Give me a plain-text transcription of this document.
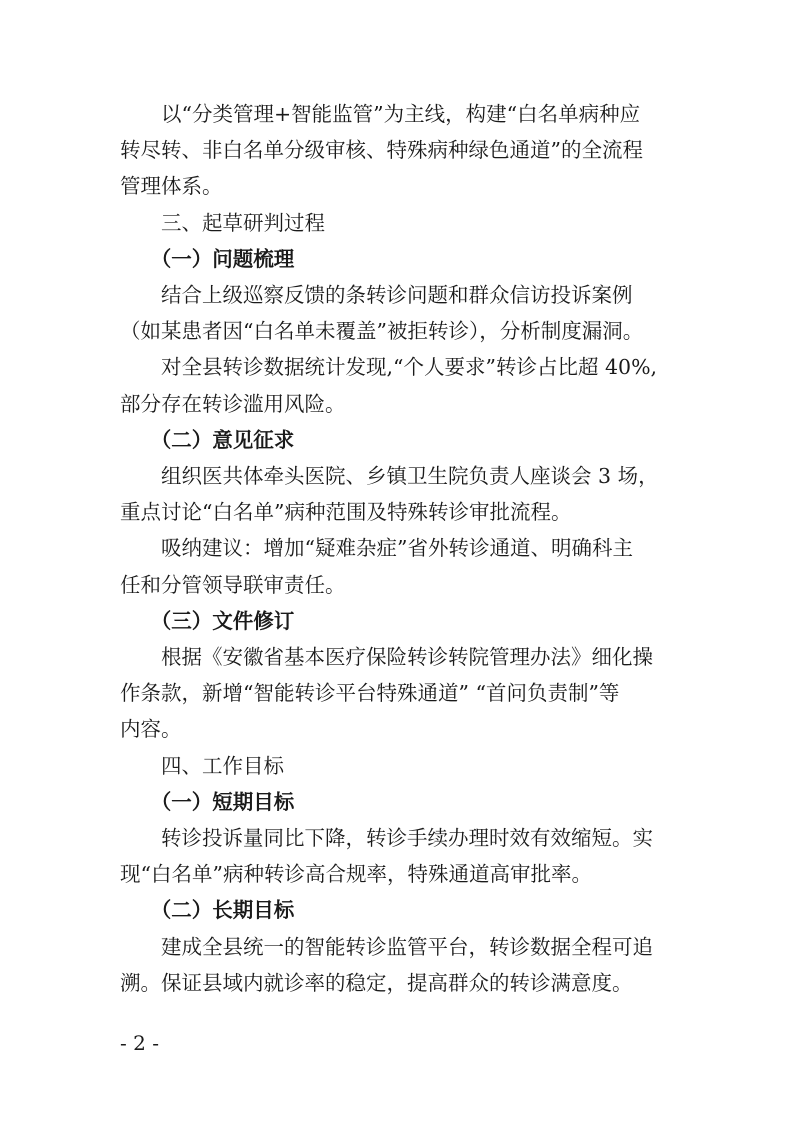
　　以“分类管理+智能监管”为主线，构建“白名单病种应
转尽转、非白名单分级审核、特殊病种绿色通道”的全流程
管理体系。
　　三、起草研判过程
　　（一）问题梳理
　　结合上级巡察反馈的条转诊问题和群众信访投诉案例
（如某患者因“白名单未覆盖”被拒转诊），分析制度漏洞。
　　对全县转诊数据统计发现,“个人要求”转诊占比超 40%,
部分存在转诊滥用风险。
　　（二）意见征求
　　组织医共体牵头医院、乡镇卫生院负责人座谈会 3 场，
重点讨论“白名单”病种范围及特殊转诊审批流程。
　　吸纳建议：增加“疑难杂症”省外转诊通道、明确科主
任和分管领导联审责任。
　　（三）文件修订
　　根据《安徽省基本医疗保险转诊转院管理办法》细化操
作条款，新增“智能转诊平台特殊通道” “首问负责制”等
内容。
　　四、工作目标
　　（一）短期目标
　　转诊投诉量同比下降，转诊手续办理时效有效缩短。实
现“白名单”病种转诊高合规率，特殊通道高审批率。
　　（二）长期目标
　　建成全县统一的智能转诊监管平台，转诊数据全程可追
溯。保证县域内就诊率的稳定，提高群众的转诊满意度。
- 2 -
